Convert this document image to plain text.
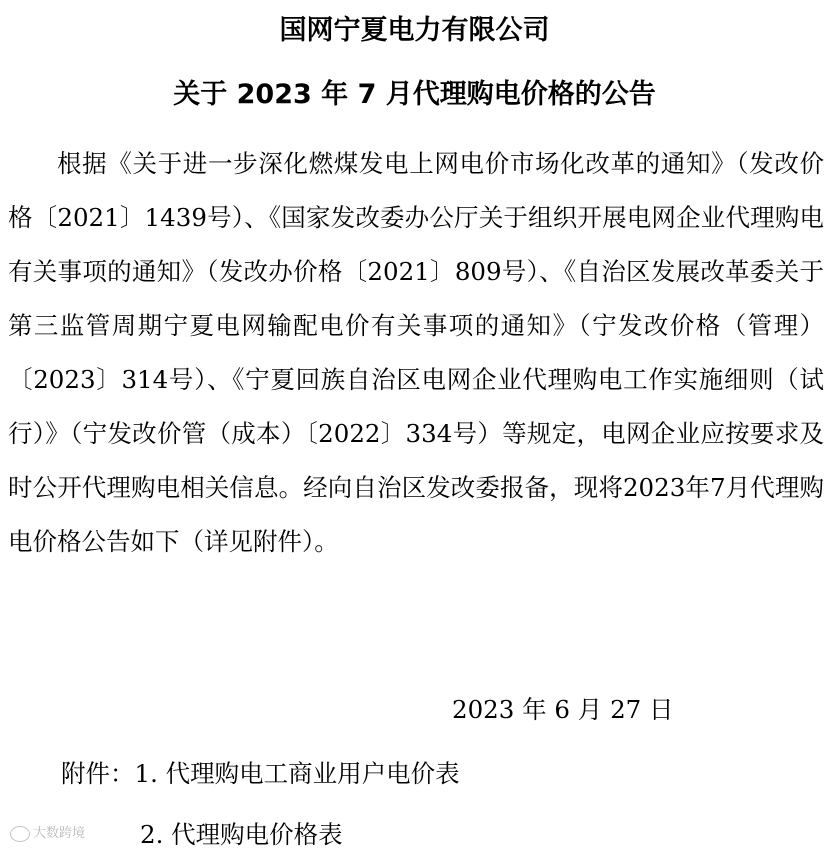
国网宁夏电力有限公司
关于 2023 年 7 月代理购电价格的公告

根据《关于进一步深化燃煤发电上网电价市场化改革的通知》（发改价格〔2021〕1439号）、《国家发改委办公厅关于组织开展电网企业代理购电有关事项的通知》（发改办价格〔2021〕809号）、《自治区发展改革委关于第三监管周期宁夏电网输配电价有关事项的通知》（宁发改价格（管理）〔2023〕314号）、《宁夏回族自治区电网企业代理购电工作实施细则（试行）》（宁发改价管（成本）〔2022〕334号）等规定，电网企业应按要求及时公开代理购电相关信息。经向自治区发改委报备，现将2023年7月代理购电价格公告如下（详见附件）。

2023 年 6 月 27 日
附件：1. 代理购电工商业用户电价表
2. 代理购电价格表
大数跨境
